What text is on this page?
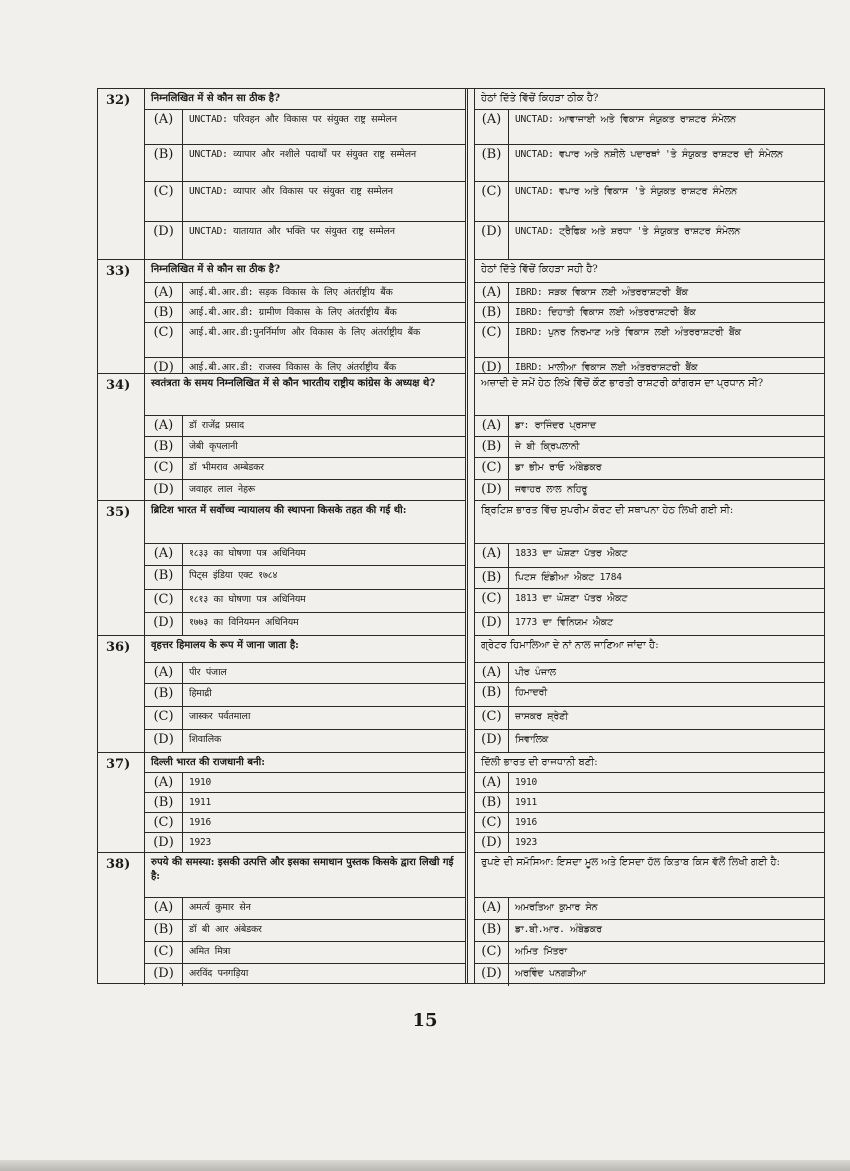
32)	निम्नलिखित में से कौन सा ठीक है?
(A)	UNCTAD: परिवहन और विकास पर संयुक्त राष्ट्र सम्मेलन
(B)	UNCTAD: व्यापार और नशीले पदार्थों पर संयुक्त राष्ट्र सम्मेलन
(C)	UNCTAD: व्यापार और विकास पर संयुक्त राष्ट्र सम्मेलन
(D)	UNCTAD: यातायात और भक्ति पर संयुक्त राष्ट्र सम्मेलन
33)	निम्नलिखित में से कौन सा ठीक है?
(A)	आई.बी.आर.डी: सड़क विकास के लिए अंतर्राष्ट्रीय बैंक
(B)	आई.बी.आर.डी: ग्रामीण विकास के लिए अंतर्राष्ट्रीय बैंक
(C)	आई.बी.आर.डी:पुनर्निर्माण और विकास के लिए अंतर्राष्ट्रीय बैंक
(D)	आई.बी.आर.डी: राजस्व विकास के लिए अंतर्राष्ट्रीय बैंक
34)	स्वतंत्रता के समय निम्नलिखित में से कौन भारतीय राष्ट्रीय कांग्रेस के अध्यक्ष थे?
(A)	डॉ राजेंद्र प्रसाद
(B)	जेबी कृपलानी
(C)	डॉ भीमराव अम्बेडकर
(D)	जवाहर लाल नेहरू
35)	ब्रिटिश भारत में सर्वोच्च न्यायालय की स्थापना किसके तहत की गई थी:
(A)	१८३३ का घोषणा पत्र अधिनियम
(B)	पिट्स इंडिया एक्ट १७८४
(C)	१८१३ का घोषणा पत्र अधिनियम
(D)	१७७३ का विनियमन अधिनियम
36)	वृहत्तर हिमालय के रूप में जाना जाता है:
(A)	पीर पंजाल
(B)	हिमाद्री
(C)	जास्कर पर्वतमाला
(D)	शिवालिक
37)	दिल्ली भारत की राजधानी बनी:
(A)	1910
(B)	1911
(C)	1916
(D)	1923
38)	रुपये की समस्या: इसकी उत्पत्ति और इसका समाधान पुस्तक किसके द्वारा लिखी गई है:
(A)	अमर्त्य कुमार सेन
(B)	डॉ बी आर अंबेडकर
(C)	अमित मित्रा
(D)	अरविंद पनगड़िया
ਹੇਠਾਂ ਦਿੱਤੇ ਵਿੱਚੋਂ ਕਿਹੜਾ ਠੀਕ ਹੈ?
(A)	UNCTAD: ਆਵਾਜਾਈ ਅਤੇ ਵਿਕਾਸ ਸੰਯੁਕਤ ਰਾਸ਼ਟਰ ਸੰਮੇਲਨ
(B)	UNCTAD: ਵਪਾਰ ਅਤੇ ਨਸ਼ੀਲੇ ਪਦਾਰਥਾਂ 'ਤੇ ਸੰਯੁਕਤ ਰਾਸ਼ਟਰ ਦੀ ਸੰਮੇਲਨ
(C)	UNCTAD: ਵਪਾਰ ਅਤੇ ਵਿਕਾਸ 'ਤੇ ਸੰਯੁਕਤ ਰਾਸ਼ਟਰ ਸੰਮੇਲਨ
(D)	UNCTAD: ਟ੍ਰੈਫਿਕ ਅਤੇ ਸ਼ਰਧਾ 'ਤੇ ਸੰਯੁਕਤ ਰਾਸ਼ਟਰ ਸੰਮੇਲਨ
ਹੇਠਾਂ ਦਿੱਤੇ ਵਿੱਚੋਂ ਕਿਹੜਾ ਸਹੀ ਹੈ?
(A)	IBRD: ਸੜਕ ਵਿਕਾਸ ਲਈ ਅੰਤਰਰਾਸ਼ਟਰੀ ਬੈਂਕ
(B)	IBRD: ਦਿਹਾਤੀ ਵਿਕਾਸ ਲਈ ਅੰਤਰਰਾਸ਼ਟਰੀ ਬੈਂਕ
(C)	IBRD: ਪੁਨਰ ਨਿਰਮਾਣ ਅਤੇ ਵਿਕਾਸ ਲਈ ਅੰਤਰਰਾਸ਼ਟਰੀ ਬੈਂਕ
(D)	IBRD: ਮਾਲੀਆ ਵਿਕਾਸ ਲਈ ਅੰਤਰਰਾਸ਼ਟਰੀ ਬੈਂਕ
ਅਜ਼ਾਦੀ ਦੇ ਸਮੇਂ ਹੇਠ ਲਿਖੇ ਵਿੱਚੋਂ ਕੌਣ ਭਾਰਤੀ ਰਾਸ਼ਟਰੀ ਕਾਂਗਰਸ ਦਾ ਪ੍ਰਧਾਨ ਸੀ?
(A)	ਡਾ: ਰਾਜਿੰਦਰ ਪ੍ਰਸਾਦ
(B)	ਜੇ ਬੀ ਕ੍ਰਿਪਲਾਨੀ
(C)	ਡਾ ਭੀਮ ਰਾਓ ਅੰਬੇਡਕਰ
(D)	ਜਵਾਹਰ ਲਾਲ ਨਹਿਰੂ
ਬ੍ਰਿਟਿਸ਼ ਭਾਰਤ ਵਿੱਚ ਸੁਪਰੀਮ ਕੋਰਟ ਦੀ ਸਥਾਪਨਾ ਹੇਠ ਲਿਖੀ ਗਈ ਸੀ:
(A)	1833 ਦਾ ਘੋਸ਼ਣਾ ਪੱਤਰ ਐਕਟ
(B)	ਪਿਟਸ ਇੰਡੀਆ ਐਕਟ 1784
(C)	1813 ਦਾ ਘੋਸ਼ਣਾ ਪੱਤਰ ਐਕਟ
(D)	1773 ਦਾ ਵਿਨਿਯਮ ਐਕਟ
ਗ੍ਰੇਟਰ ਹਿਮਾਲਿਆ ਦੇ ਨਾਂ ਨਾਲ ਜਾਣਿਆ ਜਾਂਦਾ ਹੈ:
(A)	ਪੀਰ ਪੰਜਾਲ
(B)	ਹਿਮਾਦਰੀ
(C)	ਜ਼ਾਸਕਰ ਸ਼੍ਰੇਣੀ
(D)	ਸਿਵਾਲਿਕ
ਦਿੱਲੀ ਭਾਰਤ ਦੀ ਰਾਜਧਾਨੀ ਬਣੀ:
(A)	1910
(B)	1911
(C)	1916
(D)	1923
ਰੁਪਏ ਦੀ ਸਮੱਸਿਆ: ਇਸਦਾ ਮੂਲ ਅਤੇ ਇਸਦਾ ਹੱਲ ਕਿਤਾਬ ਕਿਸ ਵੱਲੋਂ ਲਿਖੀ ਗਈ ਹੈ:
(A)	ਅਮਰਤਿਆ ਕੁਮਾਰ ਸੇਨ
(B)	ਡਾ.ਬੀ.ਆਰ. ਅੰਬੇਡਕਰ
(C)	ਅਮਿਤ ਮਿੱਤਰਾ
(D)	ਅਰਵਿੰਦ ਪਨਗੜੀਆ
15
